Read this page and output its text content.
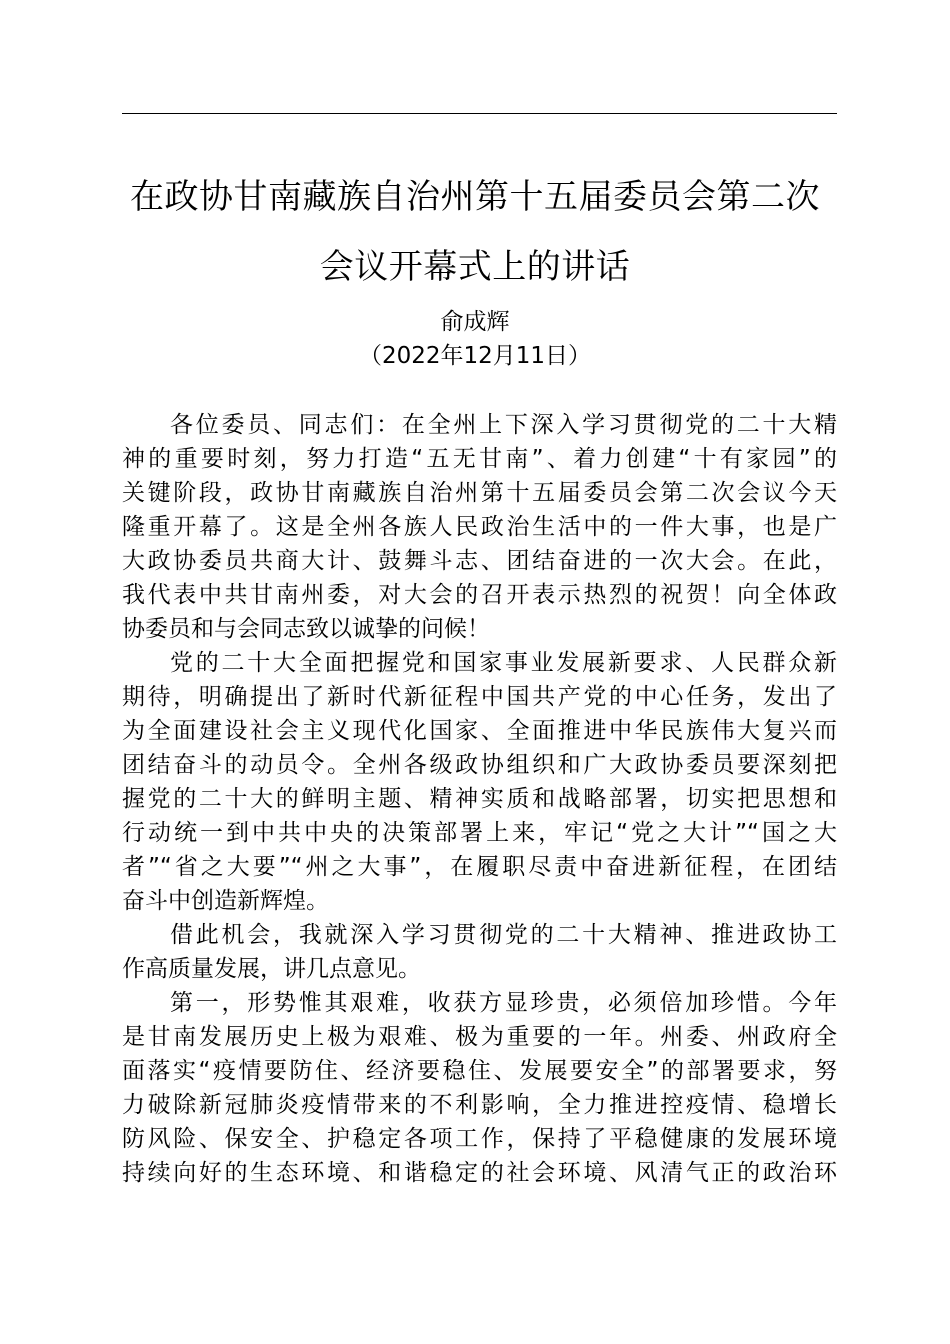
在政协甘南藏族自治州第十五届委员会第二次
会议开幕式上的讲话
俞成辉
（2022年12月11日）
各位委员、同志们：在全州上下深入学习贯彻党的二十大精
神的重要时刻，努力打造“五无甘南”、着力创建“十有家园”的
关键阶段，政协甘南藏族自治州第十五届委员会第二次会议今天
隆重开幕了。这是全州各族人民政治生活中的一件大事，也是广
大政协委员共商大计、鼓舞斗志、团结奋进的一次大会。在此，
我代表中共甘南州委，对大会的召开表示热烈的祝贺！向全体政
协委员和与会同志致以诚挚的问候！
党的二十大全面把握党和国家事业发展新要求、人民群众新
期待，明确提出了新时代新征程中国共产党的中心任务，发出了
为全面建设社会主义现代化国家、全面推进中华民族伟大复兴而
团结奋斗的动员令。全州各级政协组织和广大政协委员要深刻把
握党的二十大的鲜明主题、精神实质和战略部署，切实把思想和
行动统一到中共中央的决策部署上来，牢记“党之大计”“国之大
者”“省之大要”“州之大事”，在履职尽责中奋进新征程，在团结
奋斗中创造新辉煌。
借此机会，我就深入学习贯彻党的二十大精神、推进政协工
作高质量发展，讲几点意见。
第一，形势惟其艰难，收获方显珍贵，必须倍加珍惜。今年
是甘南发展历史上极为艰难、极为重要的一年。州委、州政府全
面落实“疫情要防住、经济要稳住、发展要安全”的部署要求，努
力破除新冠肺炎疫情带来的不利影响，全力推进控疫情、稳增长
防风险、保安全、护稳定各项工作，保持了平稳健康的发展环境
持续向好的生态环境、和谐稳定的社会环境、风清气正的政治环
